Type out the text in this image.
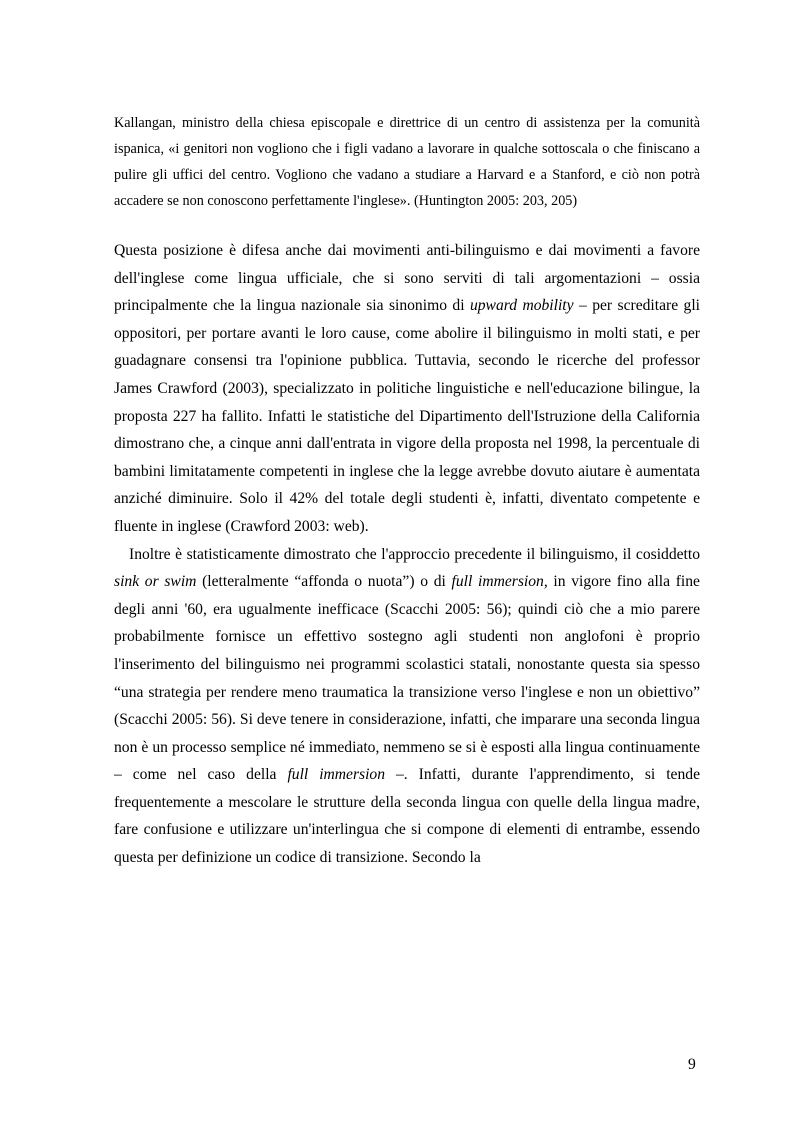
Kallangan, ministro della chiesa episcopale e direttrice di un centro di assistenza per la comunità ispanica, «i genitori non vogliono che i figli vadano a lavorare in qualche sottoscala o che finiscano a pulire gli uffici del centro. Vogliono che vadano a studiare a Harvard e a Stanford, e ciò non potrà accadere se non conoscono perfettamente l'inglese». (Huntington 2005: 203, 205)

Questa posizione è difesa anche dai movimenti anti-bilinguismo e dai movimenti a favore dell'inglese come lingua ufficiale, che si sono serviti di tali argomentazioni – ossia principalmente che la lingua nazionale sia sinonimo di upward mobility – per screditare gli oppositori, per portare avanti le loro cause, come abolire il bilinguismo in molti stati, e per guadagnare consensi tra l'opinione pubblica. Tuttavia, secondo le ricerche del professor James Crawford (2003), specializzato in politiche linguistiche e nell'educazione bilingue, la proposta 227 ha fallito. Infatti le statistiche del Dipartimento dell'Istruzione della California dimostrano che, a cinque anni dall'entrata in vigore della proposta nel 1998, la percentuale di bambini limitatamente competenti in inglese che la legge avrebbe dovuto aiutare è aumentata anziché diminuire. Solo il 42% del totale degli studenti è, infatti, diventato competente e fluente in inglese (Crawford 2003: web).

Inoltre è statisticamente dimostrato che l'approccio precedente il bilinguismo, il cosiddetto sink or swim (letteralmente “affonda o nuota”) o di full immersion, in vigore fino alla fine degli anni '60, era ugualmente inefficace (Scacchi 2005: 56); quindi ciò che a mio parere probabilmente fornisce un effettivo sostegno agli studenti non anglofoni è proprio l'inserimento del bilinguismo nei programmi scolastici statali, nonostante questa sia spesso “una strategia per rendere meno traumatica la transizione verso l'inglese e non un obiettivo” (Scacchi 2005: 56). Si deve tenere in considerazione, infatti, che imparare una seconda lingua non è un processo semplice né immediato, nemmeno se si è esposti alla lingua continuamente – come nel caso della full immersion –. Infatti, durante l'apprendimento, si tende frequentemente a mescolare le strutture della seconda lingua con quelle della lingua madre, fare confusione e utilizzare un'interlingua che si compone di elementi di entrambe, essendo questa per definizione un codice di transizione. Secondo la

9
